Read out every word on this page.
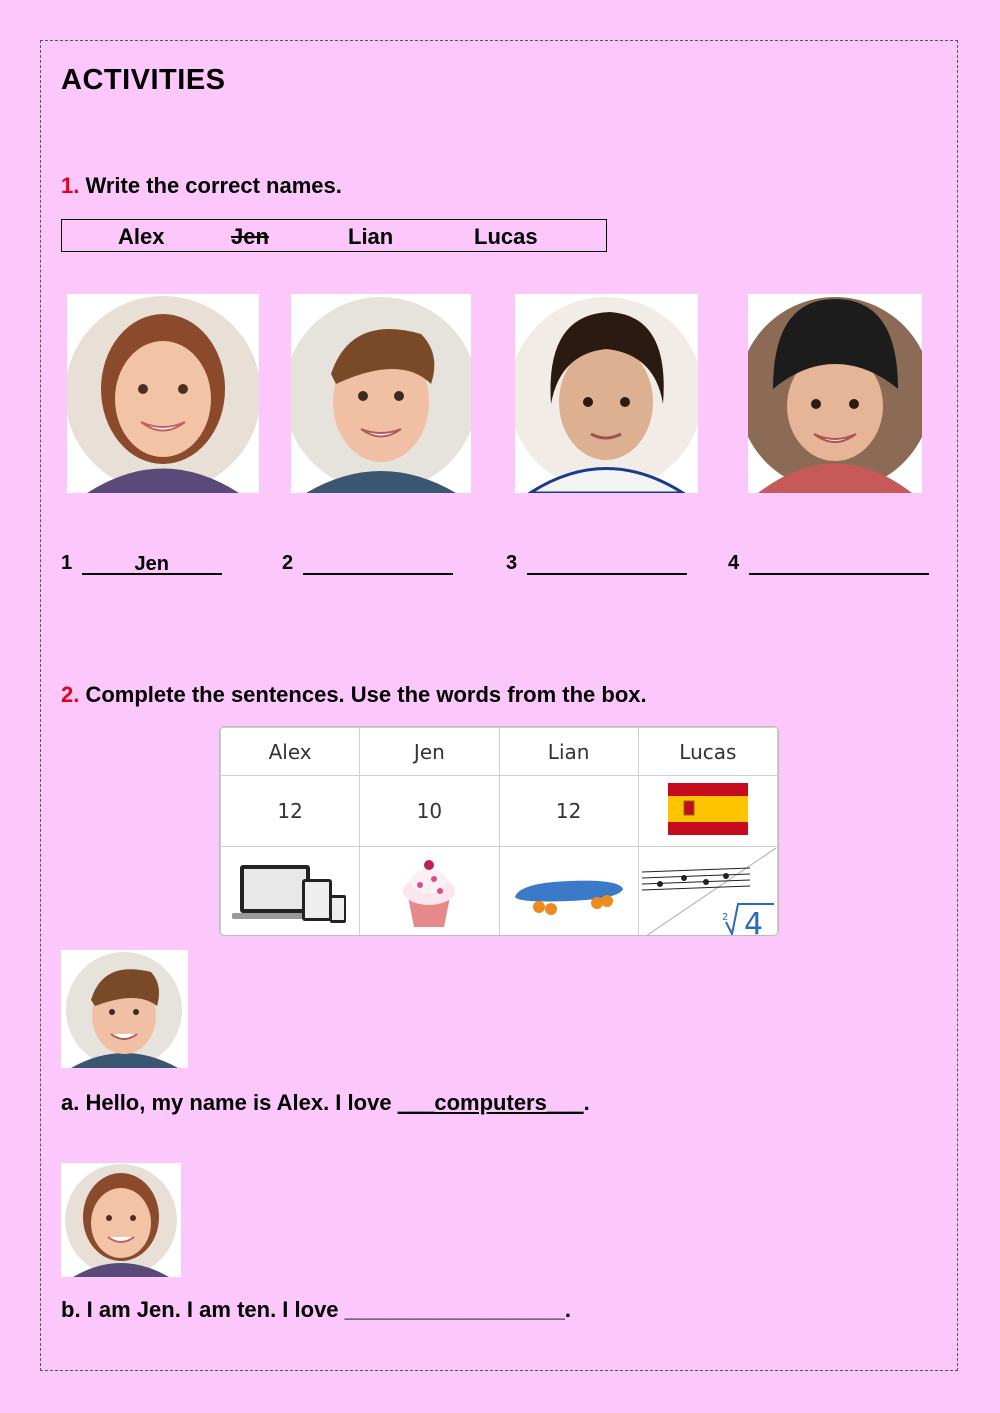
ACTIVITIES
1. Write the correct names.
Alex	Jen	Lian	Lucas
1	Jen	2	3	4
2. Complete the sentences. Use the words from the box.
Alex	Jen	Lian	Lucas
12	10	12	

2 4
a. Hello, my name is Alex. I love ___computers___.
b. I am Jen. I am ten. I love __________________.
